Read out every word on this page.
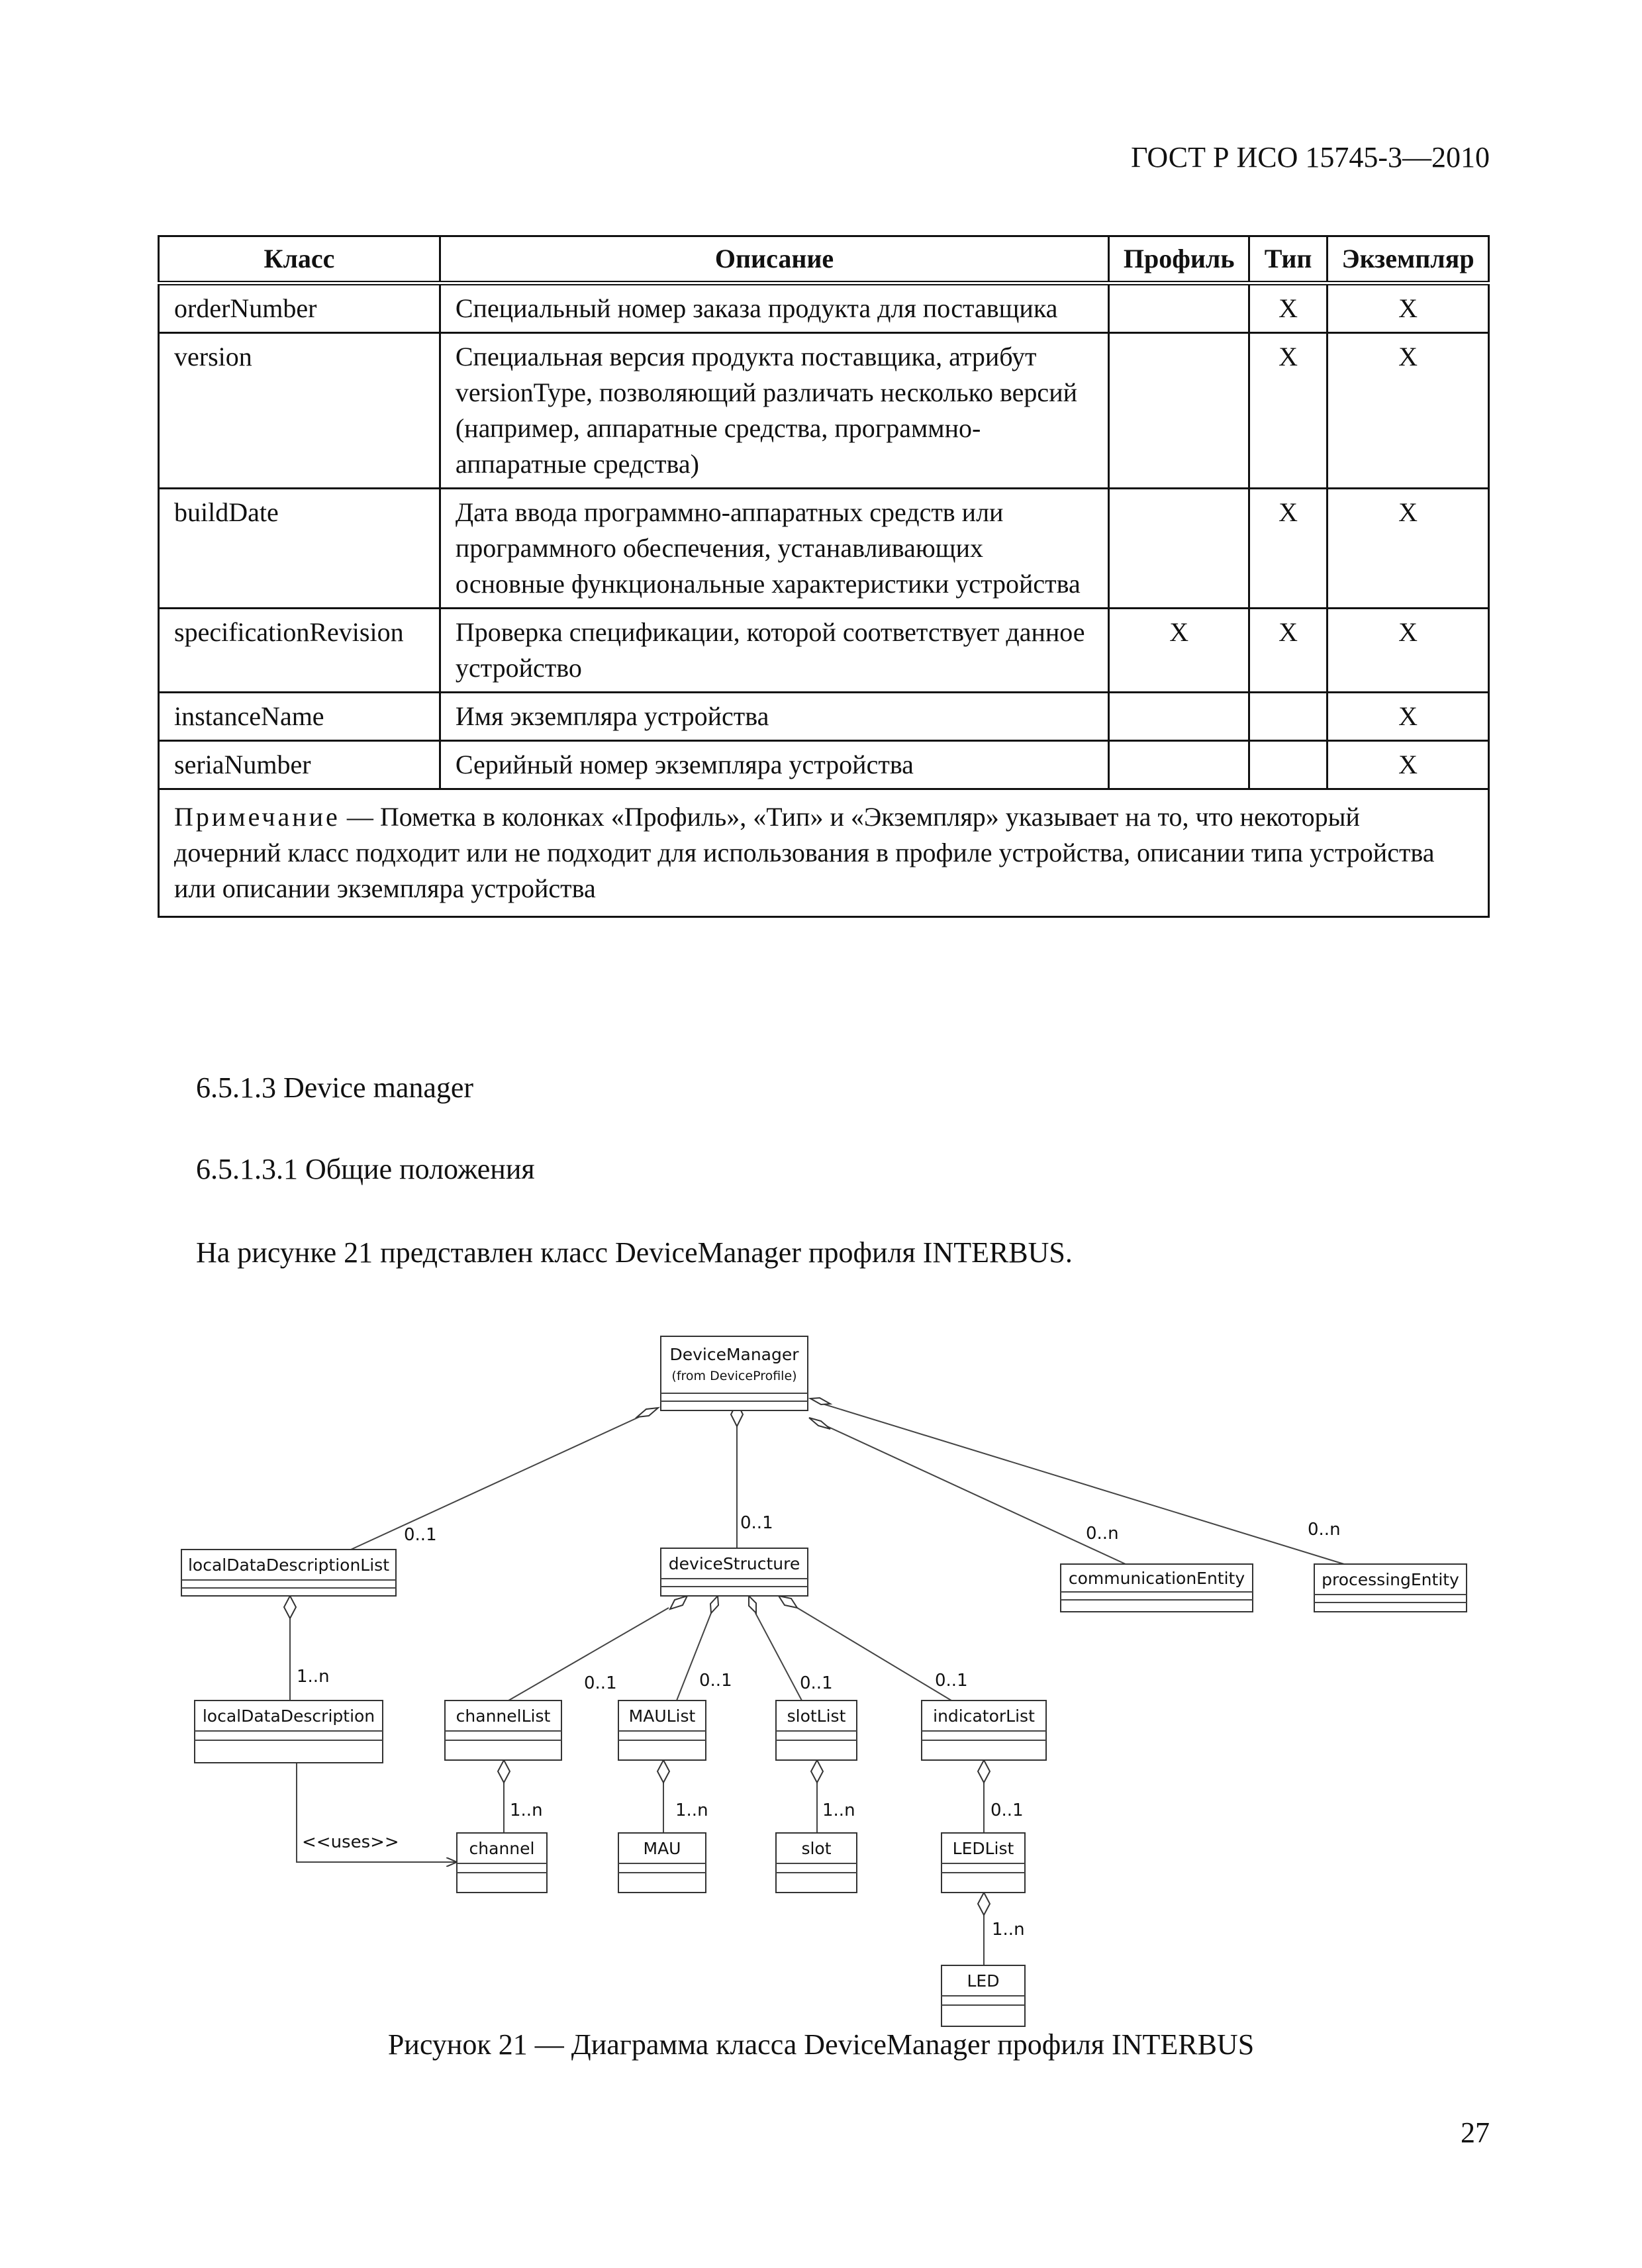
ГОСТ Р ИСО 15745-3—2010
Класс	Описание	Профиль	Тип	Экземпляр
orderNumber	Специальный номер заказа продукта для поставщика		X	X
version	Специальная версия продукта поставщика, атрибут versionType, позволяющий различать несколько версий (например, аппаратные средства, программно-аппаратные средства)		X	X
buildDate	Дата ввода программно-аппаратных средств или программного обеспечения, устанавливающих основные функциональные характеристики устройства		X	X
specificationRevision	Проверка спецификации, которой соответствует данное устройство	X	X	X
instanceName	Имя экземпляра устройства			X
seriaNumber	Серийный номер экземпляра устройства			X
Примечание — Пометка в колонках «Профиль», «Тип» и «Экземпляр» указывает на то, что некоторый дочерний класс подходит или не подходит для использования в профиле устройства, описании типа устройства или описании экземпляра устройства				
6.5.1.3 Device manager
6.5.1.3.1 Общие положения
На рисунке 21 представлен класс DeviceManager профиля INTERBUS.
DeviceManager
(from DeviceProfile)
localDataDescriptionList	deviceStructure
communicationEntity	processingEntity
localDataDescription	channelList	MAUList	slotList	indicatorList
channel	MAU	slot	LEDList
LED
0..1
0..1
0..n	0..n
1..n	0..1	0..1	0..1	0..1
1..n	1..n	1..n	0..1
1..n
<<uses>>
Рисунок 21 — Диаграмма класса DeviceManager профиля INTERBUS
27
